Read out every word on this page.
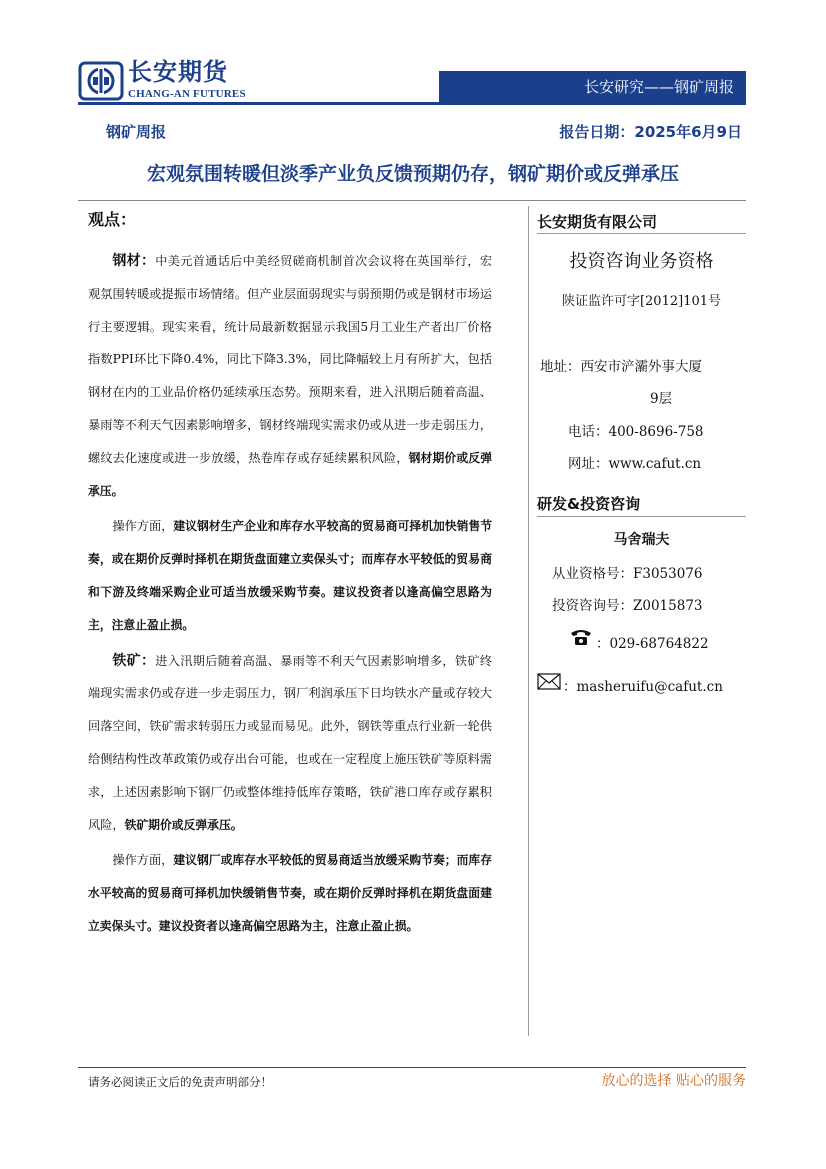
长安期货
CHANG-AN FUTURES	长安研究——钢矿周报
钢矿周报	报告日期：2025年6月9日
宏观氛围转暖但淡季产业负反馈预期仍存，钢矿期价或反弹承压
观点：

钢材：中美元首通话后中美经贸磋商机制首次会议将在英国举行，宏观氛围转暖或提振市场情绪。但产业层面弱现实与弱预期仍或是钢材市场运行主要逻辑。现实来看，统计局最新数据显示我国5月工业生产者出厂价格指数PPI环比下降0.4%，同比下降3.3%，同比降幅较上月有所扩大，包括钢材在内的工业品价格仍延续承压态势。预期来看，进入汛期后随着高温、暴雨等不利天气因素影响增多，钢材终端现实需求仍或从进一步走弱压力，螺纹去化速度或进一步放缓，热卷库存或存延续累积风险，钢材期价或反弹承压。

操作方面，建议钢材生产企业和库存水平较高的贸易商可择机加快销售节奏，或在期价反弹时择机在期货盘面建立卖保头寸；而库存水平较低的贸易商和下游及终端采购企业可适当放缓采购节奏。建议投资者以逢高偏空思路为主，注意止盈止损。

铁矿：进入汛期后随着高温、暴雨等不利天气因素影响增多，铁矿终端现实需求仍或存进一步走弱压力，钢厂利润承压下日均铁水产量或存较大回落空间，铁矿需求转弱压力或显而易见。此外，钢铁等重点行业新一轮供给侧结构性改革政策仍或存出台可能，也或在一定程度上施压铁矿等原料需求，上述因素影响下钢厂仍或整体维持低库存策略，铁矿港口库存或存累积风险，铁矿期价或反弹承压。

操作方面，建议钢厂或库存水平较低的贸易商适当放缓采购节奏；而库存水平较高的贸易商可择机加快缓销售节奏，或在期价反弹时择机在期货盘面建立卖保头寸。建议投资者以逢高偏空思路为主，注意止盈止损。

长安期货有限公司
投资咨询业务资格
陕证监许可字[2012]101号
地址：西安市浐灞外事大厦
9层
电话：400-8696-758
网址：www.cafut.cn
研发&投资咨询
马舍瑞夫
从业资格号：F3053076
投资咨询号：Z0015873
：029-68764822
：masheruifu@cafut.cn
请务必阅读正文后的免责声明部分！	放心的选择 贴心的服务
